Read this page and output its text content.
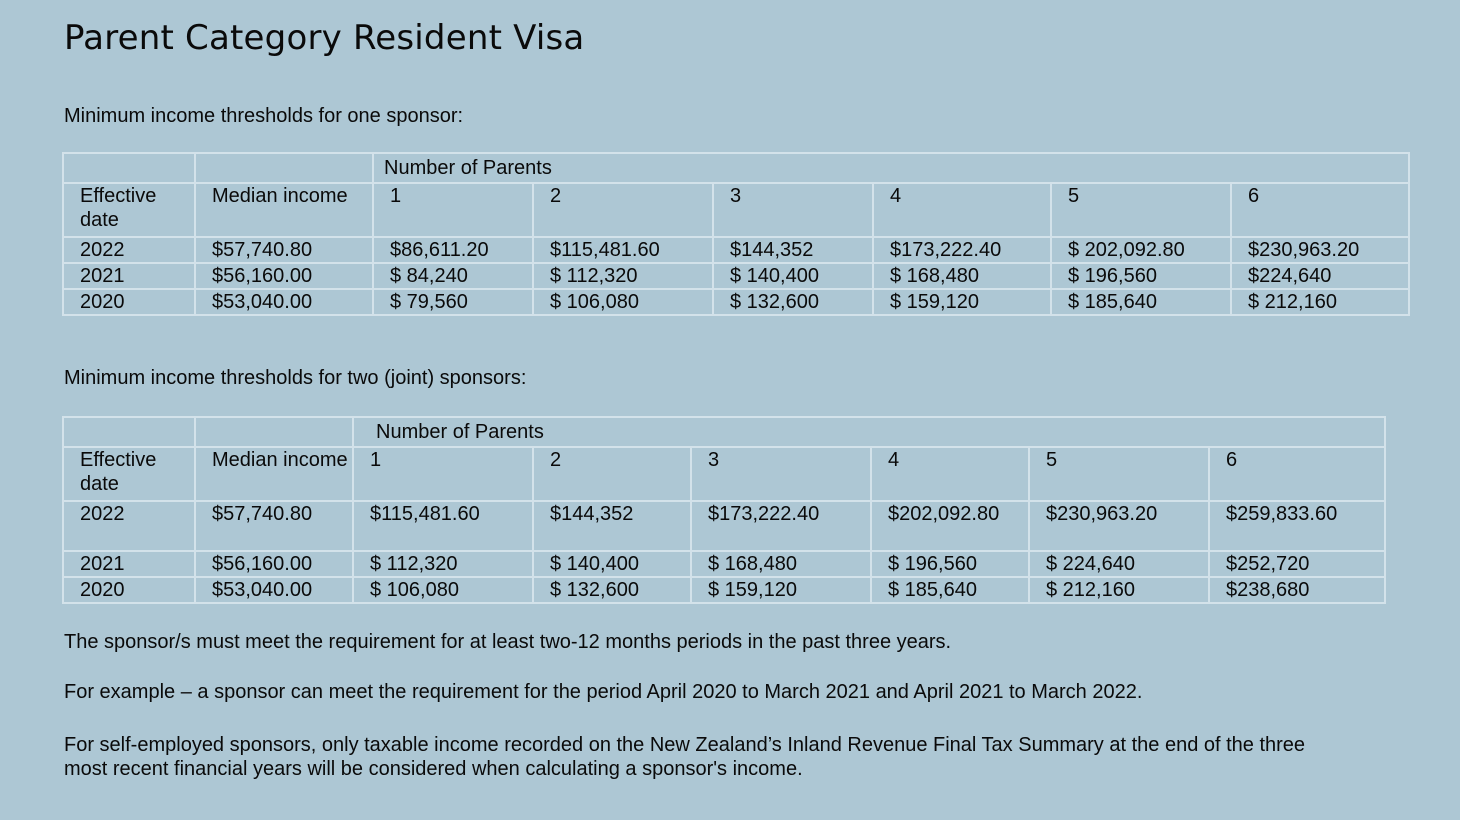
Parent Category Resident Visa

Minimum income thresholds for one sponsor:

		Number of Parents					
Effective date	Median income	1	2	3	4	5	6
2022	$57,740.80	$86,611.20	$115,481.60	$144,352	$173,222.40	$ 202,092.80	$230,963.20
2021	$56,160.00	$ 84,240	$ 112,320	$ 140,400	$ 168,480	$ 196,560	$224,640
2020	$53,040.00	$ 79,560	$ 106,080	$ 132,600	$ 159,120	$ 185,640	$ 212,160

Minimum income thresholds for two (joint) sponsors:

		Number of Parents					
Effective date	Median income	1	2	3	4	5	6
2022	$57,740.80	$115,481.60	$144,352	$173,222.40	$202,092.80	$230,963.20	$259,833.60
2021	$56,160.00	$ 112,320	$ 140,400	$ 168,480	$ 196,560	$ 224,640	$252,720
2020	$53,040.00	$ 106,080	$ 132,600	$ 159,120	$ 185,640	$ 212,160	$238,680

The sponsor/s must meet the requirement for at least two-12 months periods in the past three years.

For example – a sponsor can meet the requirement for the period April 2020 to March 2021 and April 2021 to March 2022.

For self-employed sponsors, only taxable income recorded on the New Zealand’s Inland Revenue Final Tax Summary at the end of the three most recent financial years will be considered when calculating a sponsor's income.
